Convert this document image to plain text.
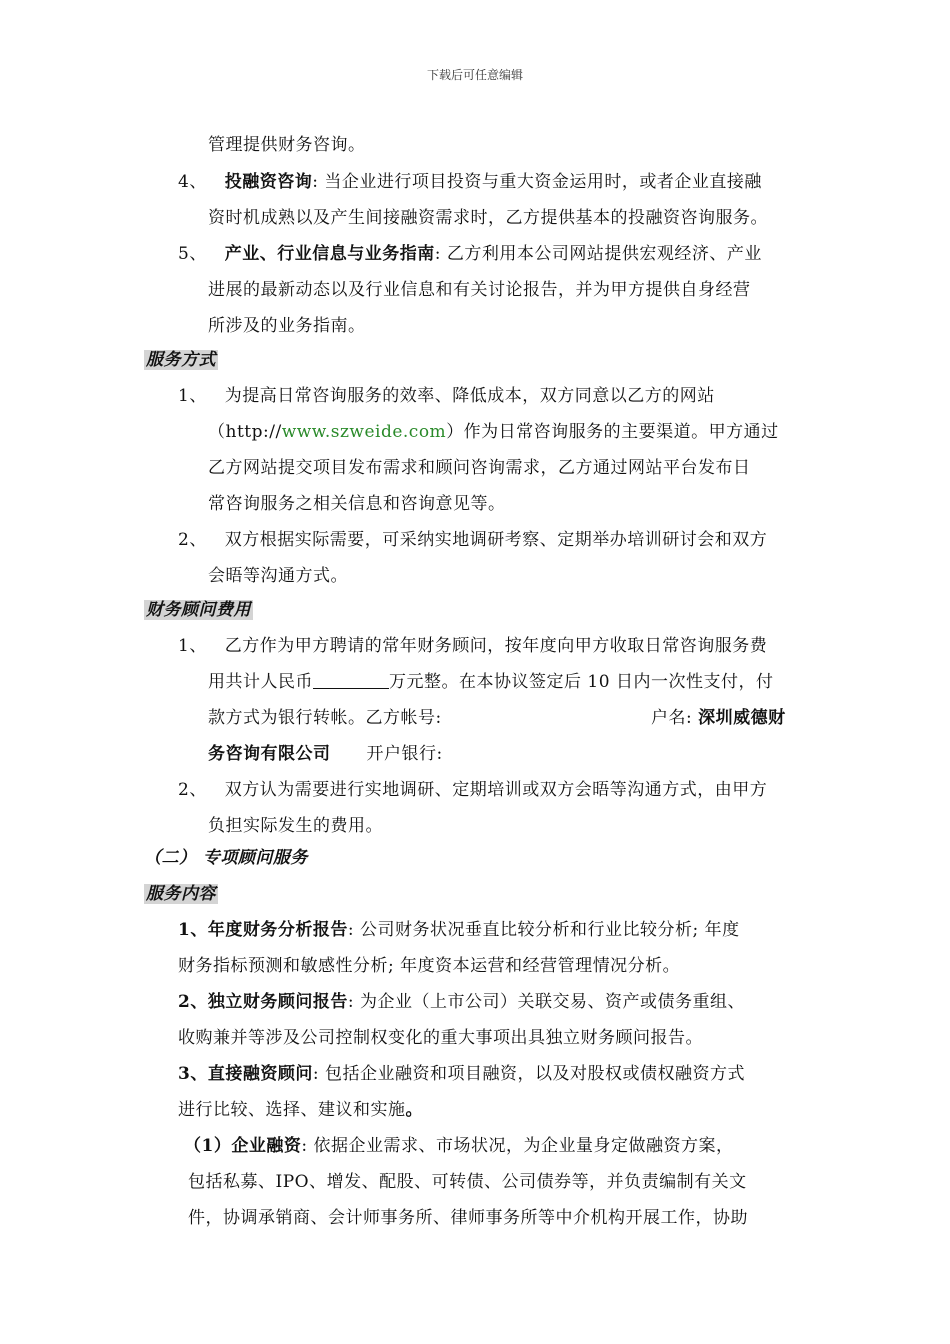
下载后可任意编辑
管理提供财务咨询。
4、 投融资咨询: 当企业进行项目投资与重大资金运用时，或者企业直接融
资时机成熟以及产生间接融资需求时，乙方提供基本的投融资咨询服务。
5、 产业、行业信息与业务指南: 乙方利用本公司网站提供宏观经济、产业
进展的最新动态以及行业信息和有关讨论报告，并为甲方提供自身经营
所涉及的业务指南。
服务方式
1、 为提高日常咨询服务的效率、降低成本，双方同意以乙方的网站
（http://www.szweide.com）作为日常咨询服务的主要渠道。甲方通过
乙方网站提交项目发布需求和顾问咨询需求，乙方通过网站平台发布日
常咨询服务之相关信息和咨询意见等。
2、 双方根据实际需要，可采纳实地调研考察、定期举办培训研讨会和双方
会晤等沟通方式。
财务顾问费用
1、 乙方作为甲方聘请的常年财务顾问，按年度向甲方收取日常咨询服务费
用共计人民币	万元整。在本协议签定后 10 日内一次性支付，付
款方式为银行转帐。乙方帐号:	户名: 深圳威德财
务咨询有限公司 开户银行:
2、 双方认为需要进行实地调研、定期培训或双方会晤等沟通方式，由甲方
负担实际发生的费用。
（二） 专项顾问服务
服务内容
1、年度财务分析报告: 公司财务状况垂直比较分析和行业比较分析; 年度
财务指标预测和敏感性分析; 年度资本运营和经营管理情况分析。
2、独立财务顾问报告: 为企业（上市公司）关联交易、资产或债务重组、
收购兼并等涉及公司控制权变化的重大事项出具独立财务顾问报告。
3、直接融资顾问: 包括企业融资和项目融资，以及对股权或债权融资方式
进行比较、选择、建议和实施。
（1）企业融资: 依据企业需求、市场状况，为企业量身定做融资方案，
包括私募、IPO、增发、配股、可转债、公司债券等，并负责编制有关文
件，协调承销商、会计师事务所、律师事务所等中介机构开展工作，协助
